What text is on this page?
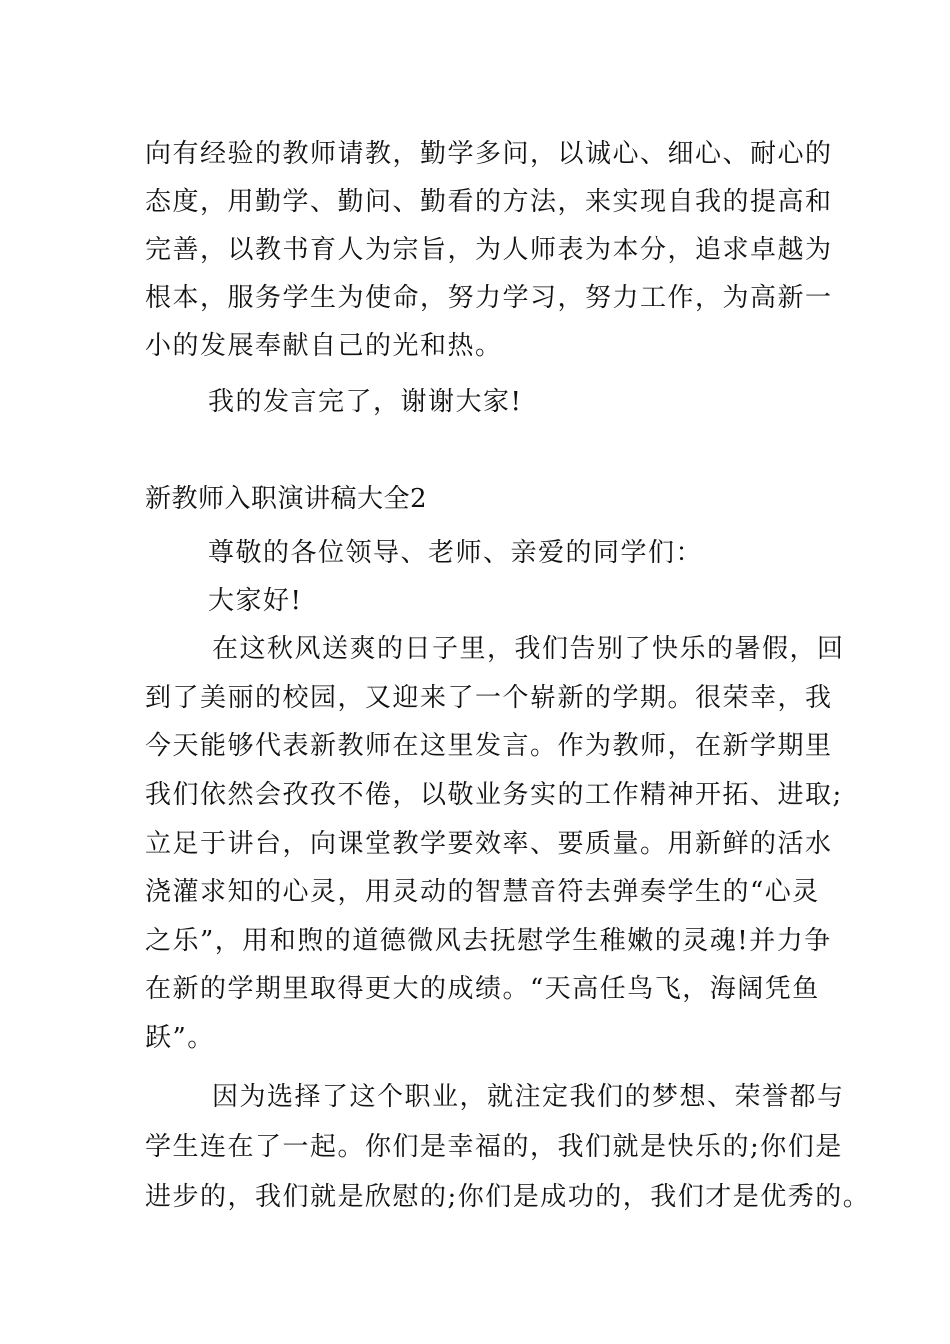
向有经验的教师请教，勤学多问，以诚心、细心、耐心的
态度，用勤学、勤问、勤看的方法，来实现自我的提高和
完善，以教书育人为宗旨，为人师表为本分，追求卓越为
根本，服务学生为使命，努力学习，努力工作，为高新一
小的发展奉献自己的光和热。
我的发言完了，谢谢大家!
新教师入职演讲稿大全2
尊敬的各位领导、老师、亲爱的同学们：
大家好!
在这秋风送爽的日子里，我们告别了快乐的暑假，回
到了美丽的校园，又迎来了一个崭新的学期。很荣幸，我
今天能够代表新教师在这里发言。作为教师，在新学期里
我们依然会孜孜不倦，以敬业务实的工作精神开拓、进取;
立足于讲台，向课堂教学要效率、要质量。用新鲜的活水
浇灌求知的心灵，用灵动的智慧音符去弹奏学生的“心灵
之乐”，用和煦的道德微风去抚慰学生稚嫩的灵魂!并力争
在新的学期里取得更大的成绩。“天高任鸟飞，海阔凭鱼
跃”。
因为选择了这个职业，就注定我们的梦想、荣誉都与
学生连在了一起。你们是幸福的，我们就是快乐的;你们是
进步的，我们就是欣慰的;你们是成功的，我们才是优秀的。
